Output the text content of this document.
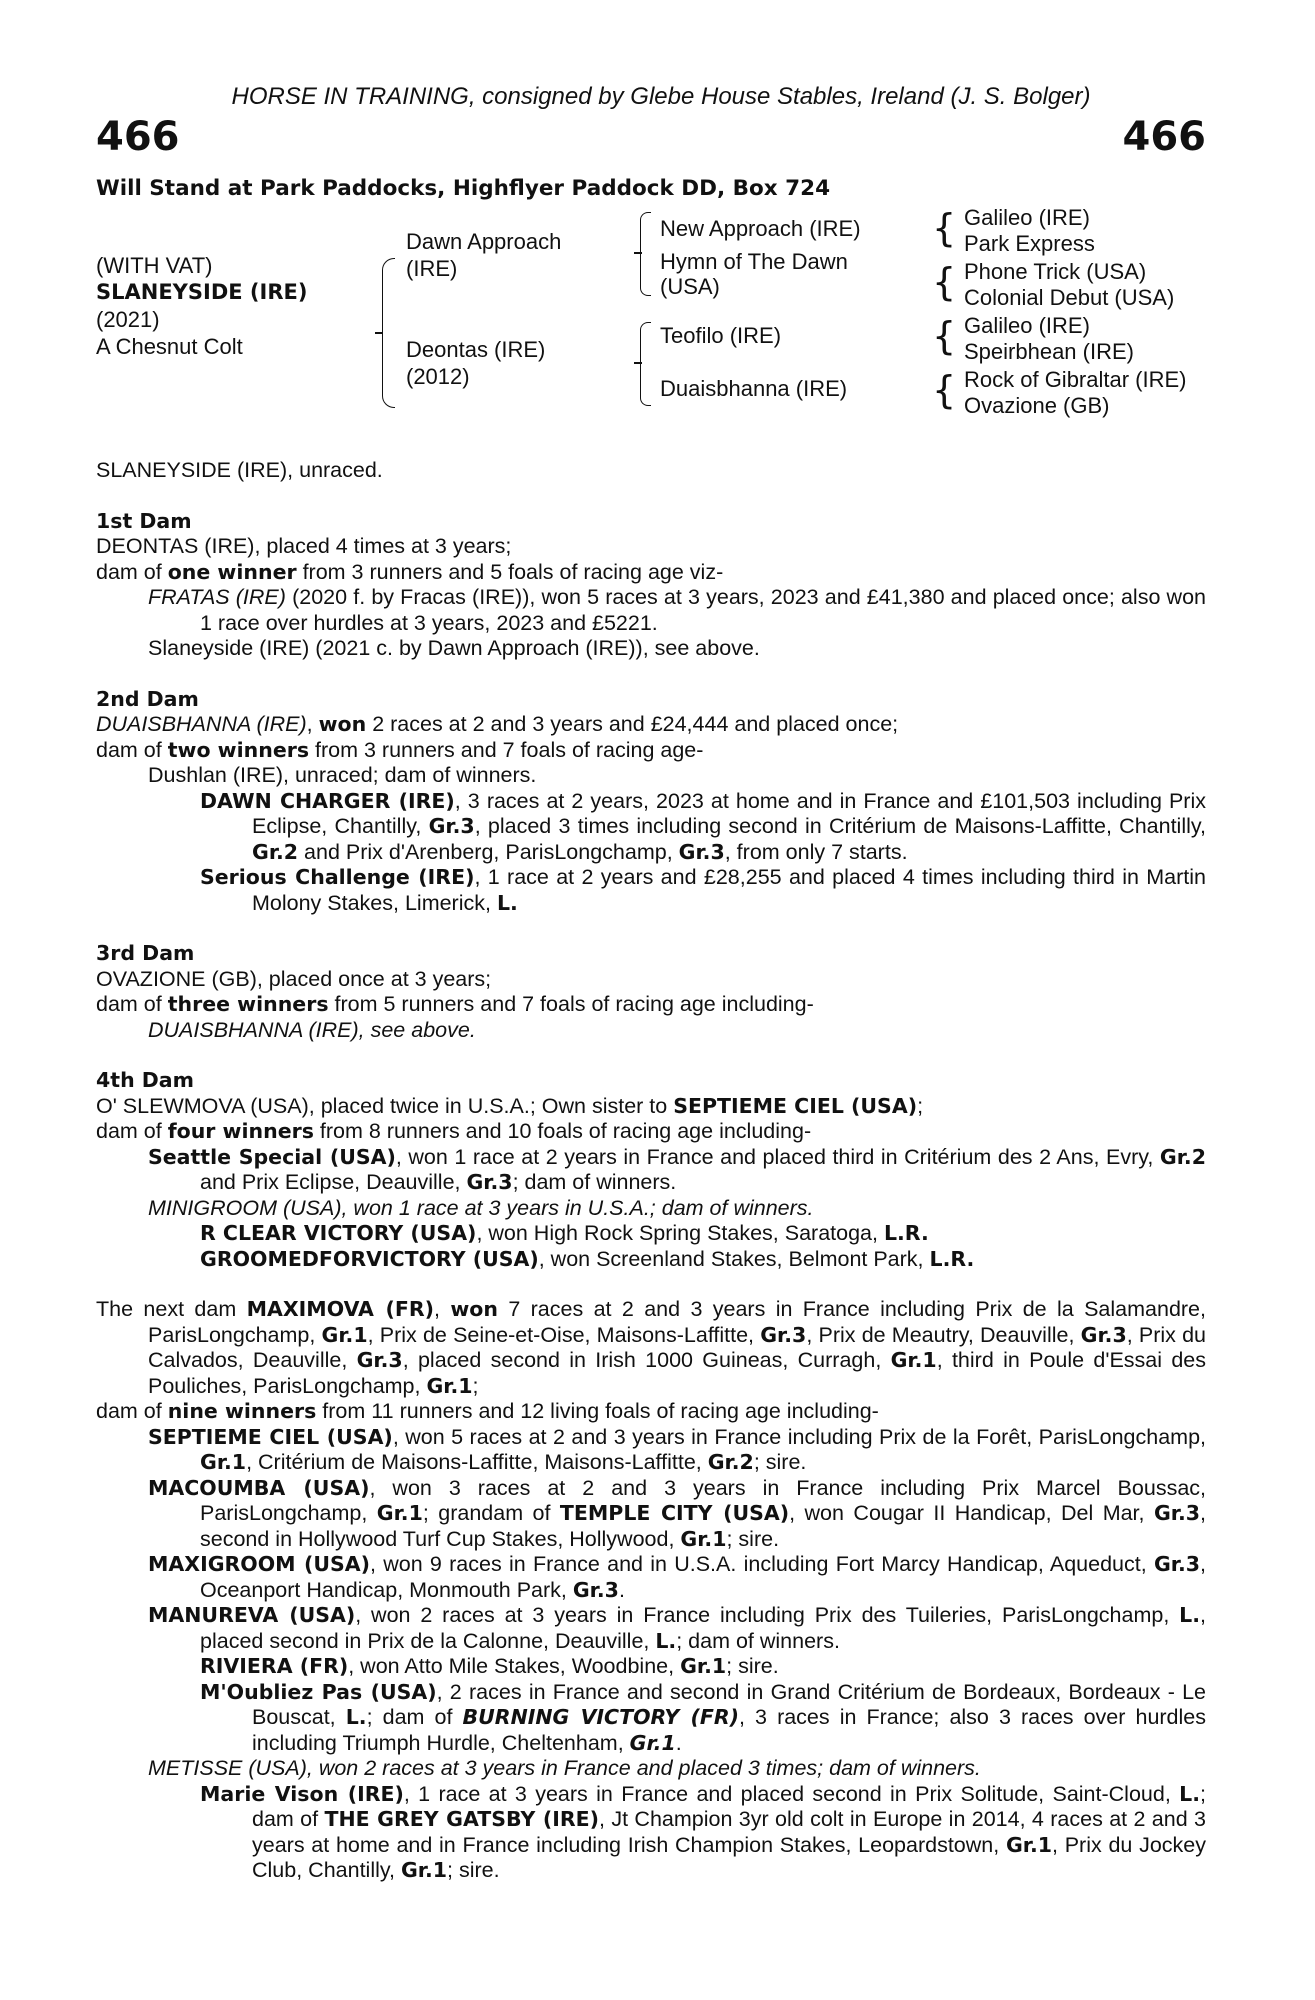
HORSE IN TRAINING, consigned by Glebe House Stables, Ireland (J. S. Bolger)
466	466
Will Stand at Park Paddocks, Highflyer Paddock DD, Box 724
(WITH VAT)
SLANEYSIDE (IRE)
(2021)
A Chesnut Colt
Dawn Approach
(IRE)
Deontas (IRE)
(2012)
New Approach (IRE)
Hymn of The Dawn
(USA)
Teofilo (IRE)
Duaisbhanna (IRE)
{
{
{
{
Galileo (IRE)
Park Express
Phone Trick (USA)
Colonial Debut (USA)
Galileo (IRE)
Speirbhean (IRE)
Rock of Gibraltar (IRE)
Ovazione (GB)

SLANEYSIDE (IRE), unraced.

1st Dam

DEONTAS (IRE), placed 4 times at 3 years;

dam of one winner from 3 runners and 5 foals of racing age viz-

FRATAS (IRE) (2020 f. by Fracas (IRE)), won 5 races at 3 years, 2023 and £41,380 and placed once; also won 1 race over hurdles at 3 years, 2023 and £5221.

Slaneyside (IRE) (2021 c. by Dawn Approach (IRE)), see above.

2nd Dam

DUAISBHANNA (IRE), won 2 races at 2 and 3 years and £24,444 and placed once;

dam of two winners from 3 runners and 7 foals of racing age-

Dushlan (IRE), unraced; dam of winners.

DAWN CHARGER (IRE), 3 races at 2 years, 2023 at home and in France and £101,503 including Prix Eclipse, Chantilly, Gr.3, placed 3 times including second in Critérium de Maisons-Laffitte, Chantilly, Gr.2 and Prix d'Arenberg, ParisLongchamp, Gr.3, from only 7 starts.

Serious Challenge (IRE), 1 race at 2 years and £28,255 and placed 4 times including third in Martin Molony Stakes, Limerick, L.

3rd Dam

OVAZIONE (GB), placed once at 3 years;

dam of three winners from 5 runners and 7 foals of racing age including-

DUAISBHANNA (IRE), see above.

4th Dam

O' SLEWMOVA (USA), placed twice in U.S.A.; Own sister to SEPTIEME CIEL (USA);

dam of four winners from 8 runners and 10 foals of racing age including-

Seattle Special (USA), won 1 race at 2 years in France and placed third in Critérium des 2 Ans, Evry, Gr.2 and Prix Eclipse, Deauville, Gr.3; dam of winners.

MINIGROOM (USA), won 1 race at 3 years in U.S.A.; dam of winners.

R CLEAR VICTORY (USA), won High Rock Spring Stakes, Saratoga, L.R.

GROOMEDFORVICTORY (USA), won Screenland Stakes, Belmont Park, L.R.

The next dam MAXIMOVA (FR), won 7 races at 2 and 3 years in France including Prix de la Salamandre, ParisLongchamp, Gr.1, Prix de Seine-et-Oise, Maisons-Laffitte, Gr.3, Prix de Meautry, Deauville, Gr.3, Prix du Calvados, Deauville, Gr.3, placed second in Irish 1000 Guineas, Curragh, Gr.1, third in Poule d'Essai des Pouliches, ParisLongchamp, Gr.1;

dam of nine winners from 11 runners and 12 living foals of racing age including-

SEPTIEME CIEL (USA), won 5 races at 2 and 3 years in France including Prix de la Forêt, ParisLongchamp, Gr.1, Critérium de Maisons-Laffitte, Maisons-Laffitte, Gr.2; sire.

MACOUMBA (USA), won 3 races at 2 and 3 years in France including Prix Marcel Boussac, ParisLongchamp, Gr.1; grandam of TEMPLE CITY (USA), won Cougar II Handicap, Del Mar, Gr.3, second in Hollywood Turf Cup Stakes, Hollywood, Gr.1; sire.

MAXIGROOM (USA), won 9 races in France and in U.S.A. including Fort Marcy Handicap, Aqueduct, Gr.3, Oceanport Handicap, Monmouth Park, Gr.3.

MANUREVA (USA), won 2 races at 3 years in France including Prix des Tuileries, ParisLongchamp, L., placed second in Prix de la Calonne, Deauville, L.; dam of winners.

RIVIERA (FR), won Atto Mile Stakes, Woodbine, Gr.1; sire.

M'Oubliez Pas (USA), 2 races in France and second in Grand Critérium de Bordeaux, Bordeaux - Le Bouscat, L.; dam of BURNING VICTORY (FR), 3 races in France; also 3 races over hurdles including Triumph Hurdle, Cheltenham, Gr.1.

METISSE (USA), won 2 races at 3 years in France and placed 3 times; dam of winners.

Marie Vison (IRE), 1 race at 3 years in France and placed second in Prix Solitude, Saint-Cloud, L.; dam of THE GREY GATSBY (IRE), Jt Champion 3yr old colt in Europe in 2014, 4 races at 2 and 3 years at home and in France including Irish Champion Stakes, Leopardstown, Gr.1, Prix du Jockey Club, Chantilly, Gr.1; sire.
